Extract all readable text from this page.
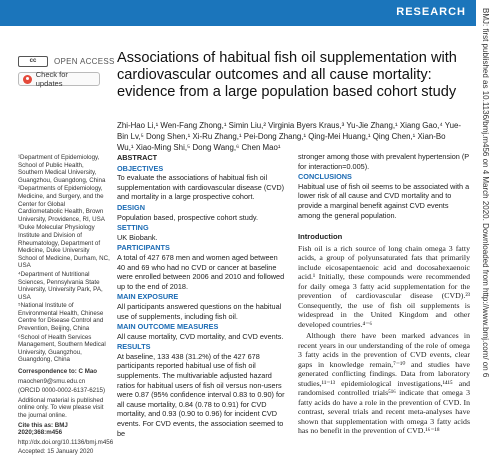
RESEARCH BMJ: first published as 10.1136/bmj.m456 on 4 March 2020. Downloaded from http://www.bmj.com/ on 6
cc	OPEN ACCESS
Check for updates
Associations of habitual fish oil supplementation with cardiovascular outcomes and all cause mortality: evidence from a large population based cohort study
Zhi-Hao Li,¹ Wen-Fang Zhong,¹ Simin Liu,² Virginia Byers Kraus,³ Yu-Jie Zhang,¹ Xiang Gao,⁴ Yue-Bin Lv,⁵ Dong Shen,¹ Xi-Ru Zhang,¹ Pei-Dong Zhang,¹ Qing-Mei Huang,¹ Qing Chen,¹ Xian-Bo Wu,¹ Xiao-Ming Shi,⁵ Dong Wang,⁶ Chen Mao¹

¹Department of Epidemiology, School of Public Health, Southern Medical University, Guangzhou, Guangdong, China

²Departments of Epidemiology, Medicine, and Surgery, and the Center for Global Cardiometabolic Health, Brown University, Providence, RI, USA

³Duke Molecular Physiology Institute and Division of Rheumatology, Department of Medicine, Duke University School of Medicine, Durham, NC, USA

⁴Department of Nutritional Sciences, Pennsylvania State University, University Park, PA, USA

⁵National Institute of Environmental Health, Chinese Centre for Disease Control and Prevention, Beijing, China

⁶School of Health Services Management, Southern Medical University, Guangzhou, Guangdong, China

Correspondence to: C Mao

maochen9@smu.edu.cn

(ORCID 0000-0002-6137-6215)

Additional material is published online only. To view please visit the journal online.

Cite this as: BMJ 2020;368:m456

http://dx.doi.org/10.1136/bmj.m456

Accepted: 15 January 2020

ABSTRACT
OBJECTIVES

To evaluate the associations of habitual fish oil supplementation with cardiovascular disease (CVD) and mortality in a large prospective cohort.

DESIGN

Population based, prospective cohort study.

SETTING

UK Biobank.

PARTICIPANTS

A total of 427 678 men and women aged between 40 and 69 who had no CVD or cancer at baseline were enrolled between 2006 and 2010 and followed up to the end of 2018.

MAIN EXPOSURE

All participants answered questions on the habitual use of supplements, including fish oil.

MAIN OUTCOME MEASURES

All cause mortality, CVD mortality, and CVD events.

RESULTS

At baseline, 133 438 (31.2%) of the 427 678 participants reported habitual use of fish oil supplements. The multivariable adjusted hazard ratios for habitual users of fish oil versus non-users were 0.87 (95% confidence interval 0.83 to 0.90) for all cause mortality, 0.84 (0.78 to 0.91) for CVD mortality, and 0.93 (0.90 to 0.96) for incident CVD events. For CVD events, the association seemed to be

stronger among those with prevalent hypertension (P for interaction=0.005).

CONCLUSIONS

Habitual use of fish oil seems to be associated with a lower risk of all cause and CVD mortality and to provide a marginal benefit against CVD events among the general population.

Introduction

Fish oil is a rich source of long chain omega 3 fatty acids, a group of polyunsaturated fats that primarily include eicosapentaenoic acid and docosahexaenoic acid.¹ Initially, these compounds were recommended for daily omega 3 fatty acid supplementation for the prevention of cardiovascular disease (CVD).²³ Consequently, the use of fish oil supplements is widespread in the United Kingdom and other developed countries.⁴⁻⁶

Although there have been marked advances in recent years in our understanding of the role of omega 3 fatty acids in the prevention of CVD events, clear gaps in knowledge remain,⁷⁻¹⁰ and studies have generated conflicting findings. Data from laboratory studies,¹¹⁻¹³ epidemiological investigations,¹⁴¹⁵ and randomised controlled trials⁵¹⁶ indicate that omega 3 fatty acids do have a role in the prevention of CVD. In contrast, several trials and recent meta-analyses have shown that supplementation with omega 3 fatty acids has no benefit in the prevention of CVD.¹⁶⁻¹⁸
